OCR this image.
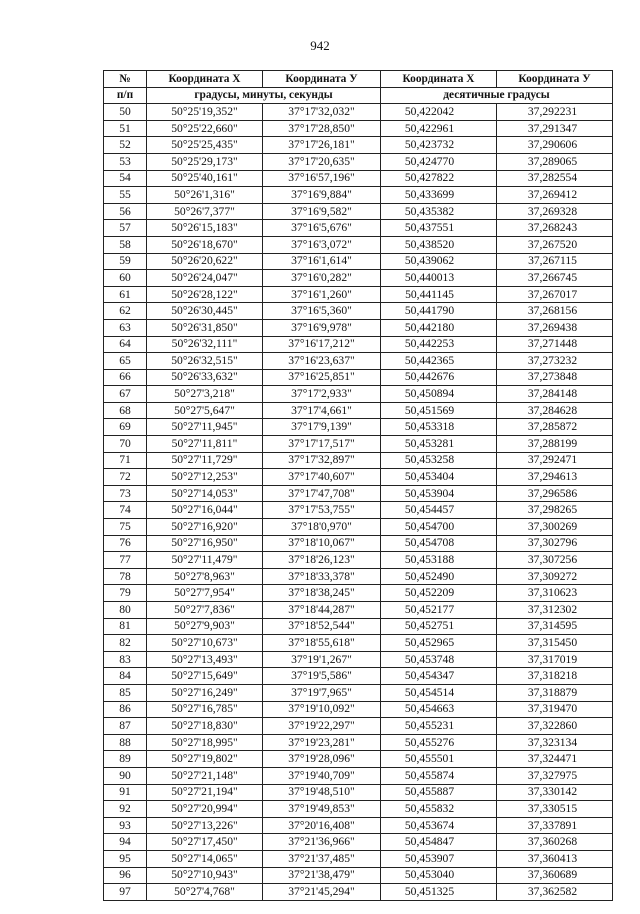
942
№	Координата X	Координата У	Координата X	Координата У
п/п	градусы, минуты, секунды		десятичные градусы	
50	50°25'19,352"	37°17'32,032"	50,422042	37,292231
51	50°25'22,660"	37°17'28,850"	50,422961	37,291347
52	50°25'25,435"	37°17'26,181"	50,423732	37,290606
53	50°25'29,173"	37°17'20,635"	50,424770	37,289065
54	50°25'40,161"	37°16'57,196"	50,427822	37,282554
55	50°26'1,316"	37°16'9,884"	50,433699	37,269412
56	50°26'7,377"	37°16'9,582"	50,435382	37,269328
57	50°26'15,183"	37°16'5,676"	50,437551	37,268243
58	50°26'18,670"	37°16'3,072"	50,438520	37,267520
59	50°26'20,622"	37°16'1,614"	50,439062	37,267115
60	50°26'24,047"	37°16'0,282"	50,440013	37,266745
61	50°26'28,122"	37°16'1,260"	50,441145	37,267017
62	50°26'30,445"	37°16'5,360"	50,441790	37,268156
63	50°26'31,850"	37°16'9,978"	50,442180	37,269438
64	50°26'32,111"	37°16'17,212"	50,442253	37,271448
65	50°26'32,515"	37°16'23,637"	50,442365	37,273232
66	50°26'33,632"	37°16'25,851"	50,442676	37,273848
67	50°27'3,218"	37°17'2,933"	50,450894	37,284148
68	50°27'5,647"	37°17'4,661"	50,451569	37,284628
69	50°27'11,945"	37°17'9,139"	50,453318	37,285872
70	50°27'11,811"	37°17'17,517"	50,453281	37,288199
71	50°27'11,729"	37°17'32,897"	50,453258	37,292471
72	50°27'12,253"	37°17'40,607"	50,453404	37,294613
73	50°27'14,053"	37°17'47,708"	50,453904	37,296586
74	50°27'16,044"	37°17'53,755"	50,454457	37,298265
75	50°27'16,920"	37°18'0,970"	50,454700	37,300269
76	50°27'16,950"	37°18'10,067"	50,454708	37,302796
77	50°27'11,479"	37°18'26,123"	50,453188	37,307256
78	50°27'8,963"	37°18'33,378"	50,452490	37,309272
79	50°27'7,954"	37°18'38,245"	50,452209	37,310623
80	50°27'7,836"	37°18'44,287"	50,452177	37,312302
81	50°27'9,903"	37°18'52,544"	50,452751	37,314595
82	50°27'10,673"	37°18'55,618"	50,452965	37,315450
83	50°27'13,493"	37°19'1,267"	50,453748	37,317019
84	50°27'15,649"	37°19'5,586"	50,454347	37,318218
85	50°27'16,249"	37°19'7,965"	50,454514	37,318879
86	50°27'16,785"	37°19'10,092"	50,454663	37,319470
87	50°27'18,830"	37°19'22,297"	50,455231	37,322860
88	50°27'18,995"	37°19'23,281"	50,455276	37,323134
89	50°27'19,802"	37°19'28,096"	50,455501	37,324471
90	50°27'21,148"	37°19'40,709"	50,455874	37,327975
91	50°27'21,194"	37°19'48,510"	50,455887	37,330142
92	50°27'20,994"	37°19'49,853"	50,455832	37,330515
93	50°27'13,226"	37°20'16,408"	50,453674	37,337891
94	50°27'17,450"	37°21'36,966"	50,454847	37,360268
95	50°27'14,065"	37°21'37,485"	50,453907	37,360413
96	50°27'10,943"	37°21'38,479"	50,453040	37,360689
97	50°27'4,768"	37°21'45,294"	50,451325	37,362582
